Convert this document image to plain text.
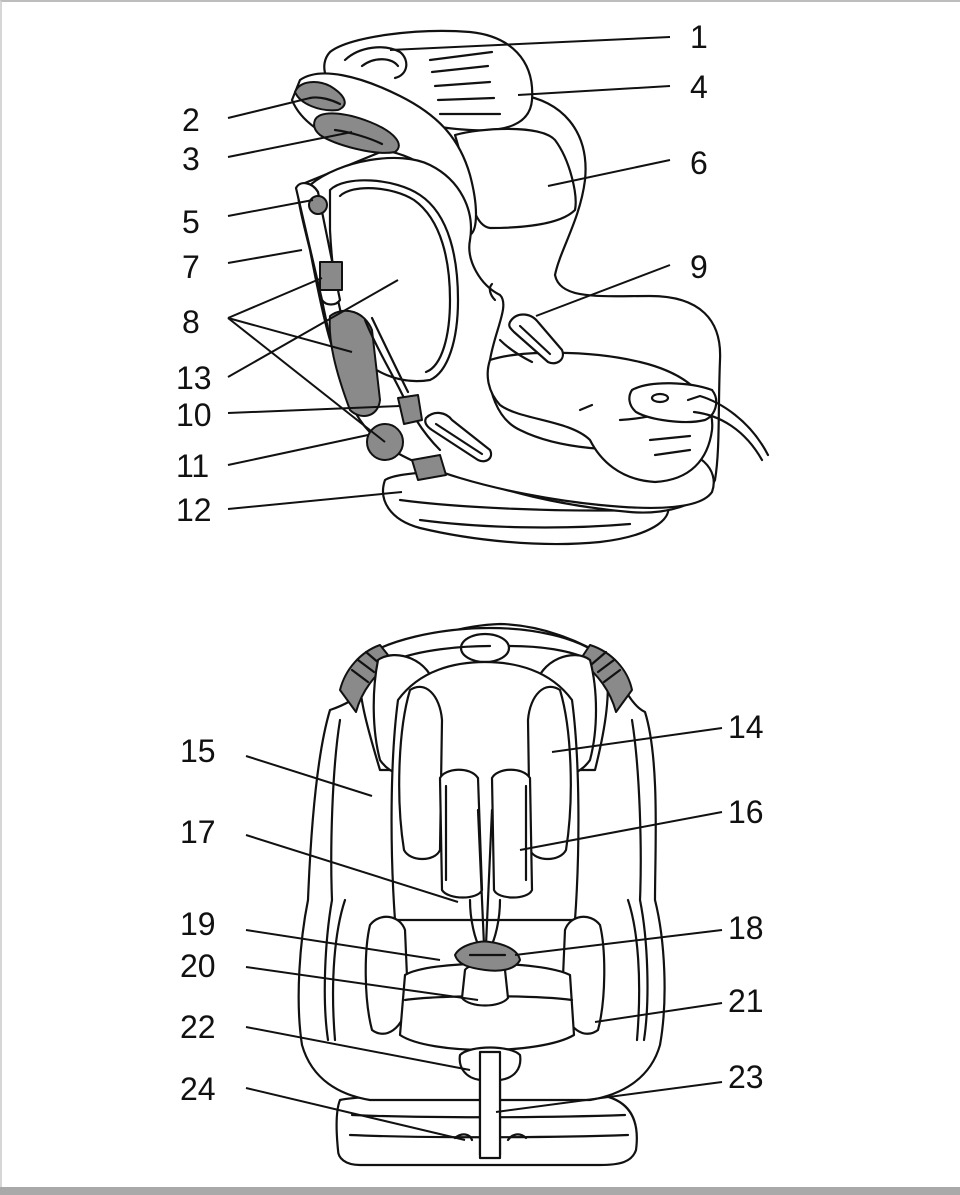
1
2
3
4
5
6
7
8
9
10
11
12
13
14
15
16
17
18
19
20
21
22
23
24
